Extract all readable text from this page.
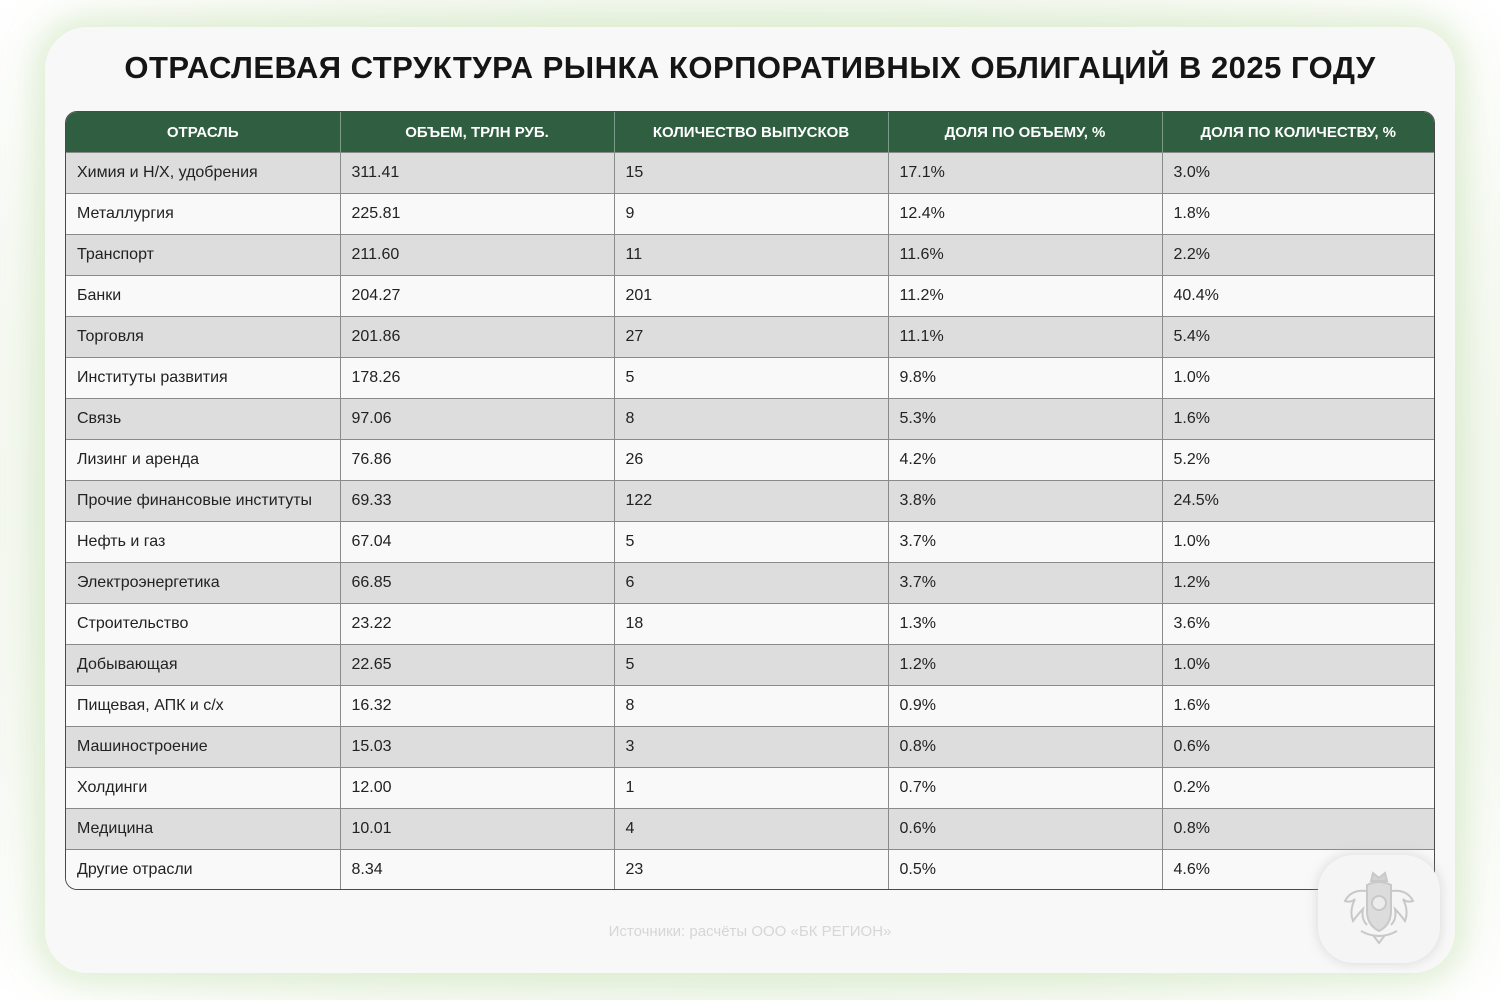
ОТРАСЛЕВАЯ СТРУКТУРА РЫНКА КОРПОРАТИВНЫХ ОБЛИГАЦИЙ В 2025 ГОДУ
ОТРАСЛЬ	ОБЪЕМ, ТРЛН РУБ.	КОЛИЧЕСТВО ВЫПУСКОВ	ДОЛЯ ПО ОБЪЕМУ, %	ДОЛЯ ПО КОЛИЧЕСТВУ, %
Химия и Н/Х, удобрения	311.41	15	17.1%	3.0%
Металлургия	225.81	9	12.4%	1.8%
Транспорт	211.60	11	11.6%	2.2%
Банки	204.27	201	11.2%	40.4%
Торговля	201.86	27	11.1%	5.4%
Институты развития	178.26	5	9.8%	1.0%
Связь	97.06	8	5.3%	1.6%
Лизинг и аренда	76.86	26	4.2%	5.2%
Прочие финансовые институты	69.33	122	3.8%	24.5%
Нефть и газ	67.04	5	3.7%	1.0%
Электроэнергетика	66.85	6	3.7%	1.2%
Строительство	23.22	18	1.3%	3.6%
Добывающая	22.65	5	1.2%	1.0%
Пищевая, АПК и с/х	16.32	8	0.9%	1.6%
Машиностроение	15.03	3	0.8%	0.6%
Холдинги	12.00	1	0.7%	0.2%
Медицина	10.01	4	0.6%	0.8%
Другие отрасли	8.34	23	0.5%	4.6%
Источники: расчёты ООО «БК РЕГИОН»
